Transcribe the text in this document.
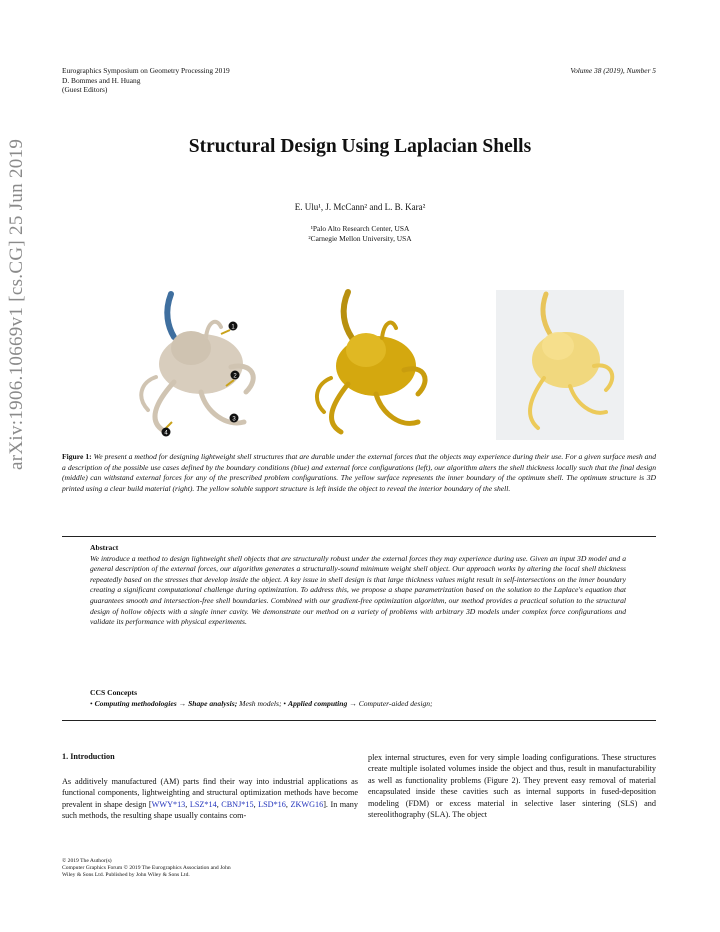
arXiv:1906.10669v1 [cs.CG] 25 Jun 2019
Eurographics Symposium on Geometry Processing 2019
D. Bommes and H. Huang
(Guest Editors)
Volume 38 (2019), Number 5
Structural Design Using Laplacian Shells
E. Ulu¹, J. McCann² and L. B. Kara²
¹Palo Alto Research Center, USA
²Carnegie Mellon University, USA
1
2
3
4
Figure 1: We present a method for designing lightweight shell structures that are durable under the external forces that the objects may experience during their use. For a given surface mesh and a description of the possible use cases defined by the boundary conditions (blue) and external force configurations (left), our algorithm alters the shell thickness locally such that the final design (middle) can withstand external forces for any of the prescribed problem configurations. The yellow surface represents the inner boundary of the optimum shell. The optimum structure is 3D printed using a clear build material (right). The yellow soluble support structure is left inside the object to reveal the interior boundary of the shell.
Abstract
We introduce a method to design lightweight shell objects that are structurally robust under the external forces they may experience during use. Given an input 3D model and a general description of the external forces, our algorithm generates a structurally-sound minimum weight shell object. Our approach works by altering the local shell thickness repeatedly based on the stresses that develop inside the object. A key issue in shell design is that large thickness values might result in self-intersections on the inner boundary creating a significant computational challenge during optimization. To address this, we propose a shape parametrization based on the solution to the Laplace's equation that guarantees smooth and intersection-free shell boundaries. Combined with our gradient-free optimization algorithm, our method provides a practical solution to the structural design of hollow objects with a single inner cavity. We demonstrate our method on a variety of problems with arbitrary 3D models under complex force configurations and validate its performance with physical experiments.
CCS Concepts
• Computing methodologies → Shape analysis; Mesh models; • Applied computing → Computer-aided design;
1. Introduction
As additively manufactured (AM) parts find their way into industrial applications as functional components, lightweighting and structural optimization methods have become prevalent in shape design [WWY*13, LSZ*14, CBNJ*15, LSD*16, ZKWG16]. In many such methods, the resulting shape usually contains com-
plex internal structures, even for very simple loading configurations. These structures create multiple isolated volumes inside the object and thus, result in manufacturability as well as functionality problems (Figure 2). They prevent easy removal of material encapsulated inside these cavities such as internal supports in fused-deposition modeling (FDM) or excess material in selective laser sintering (SLS) and stereolithography (SLA). The object
© 2019 The Author(s)
Computer Graphics Forum © 2019 The Eurographics Association and John
Wiley & Sons Ltd. Published by John Wiley & Sons Ltd.
